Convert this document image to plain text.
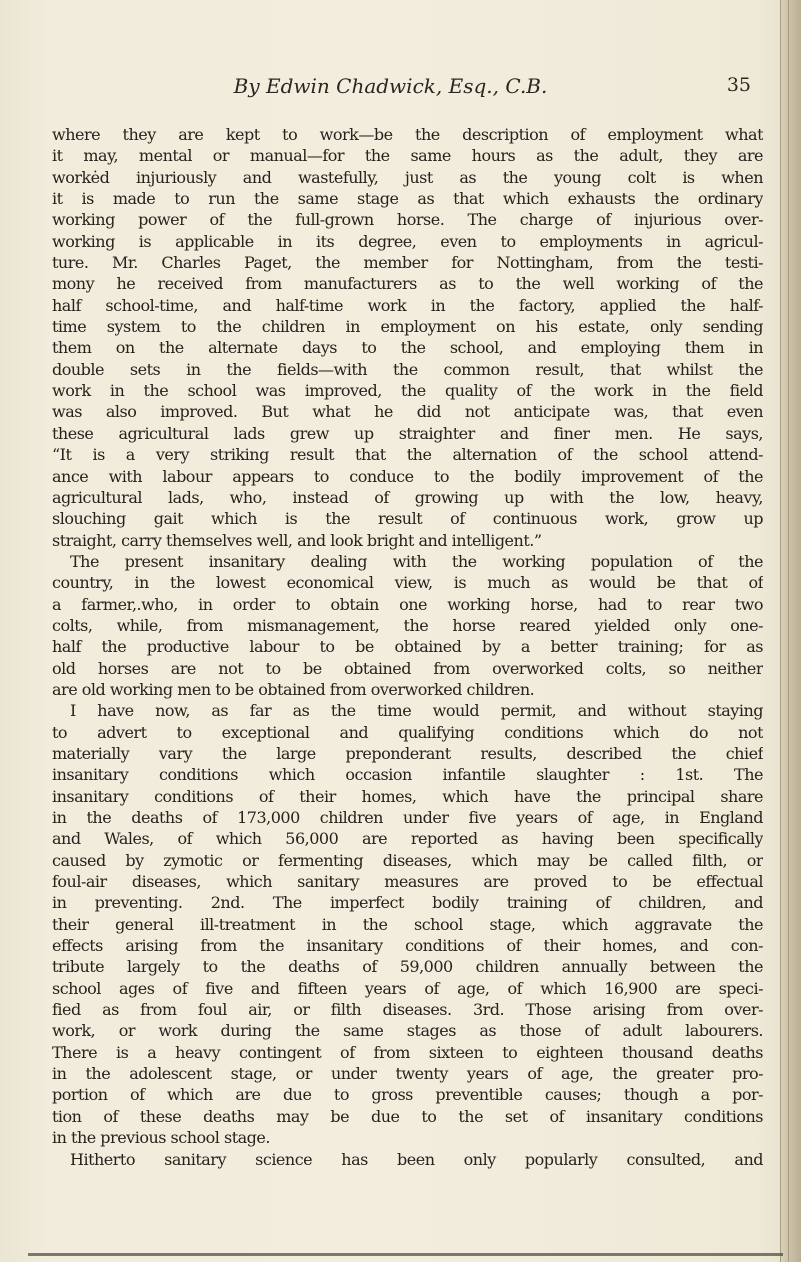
By Edwin Chadwick, Esq., C.B.	35
where they are kept to work—be the description of employment what
it may, mental or manual—for the same hours as the adult, they are
workėd injuriously and wastefully, just as the young colt is when
it is made to run the same stage as that which exhausts the ordinary
working power of the full-grown horse. The charge of injurious over-
working is applicable in its degree, even to employments in agricul-
ture. Mr. Charles Paget, the member for Nottingham, from the testi-
mony he received from manufacturers as to the well working of the
half school-time, and half-time work in the factory, applied the half-
time system to the children in employment on his estate, only sending
them on the alternate days to the school, and employing them in
double sets in the fields—with the common result, that whilst the
work in the school was improved, the quality of the work in the field
was also improved. But what he did not anticipate was, that even
these agricultural lads grew up straighter and finer men. He says,
“It is a very striking result that the alternation of the school attend-
ance with labour appears to conduce to the bodily improvement of the
agricultural lads, who, instead of growing up with the low, heavy,
slouching gait which is the result of continuous work, grow up
straight, carry themselves well, and look bright and intelligent.”
The present insanitary dealing with the working population of the
country, in the lowest economical view, is much as would be that of
a farmer,.who, in order to obtain one working horse, had to rear two
colts, while, from mismanagement, the horse reared yielded only one-
half the productive labour to be obtained by a better training; for as
old horses are not to be obtained from overworked colts, so neither
are old working men to be obtained from overworked children.
I have now, as far as the time would permit, and without staying
to advert to exceptional and qualifying conditions which do not
materially vary the large preponderant results, described the chief
insanitary conditions which occasion infantile slaughter : 1st. The
insanitary conditions of their homes, which have the principal share
in the deaths of 173,000 children under five years of age, in England
and Wales, of which 56,000 are reported as having been specifically
caused by zymotic or fermenting diseases, which may be called filth, or
foul-air diseases, which sanitary measures are proved to be effectual
in preventing. 2nd. The imperfect bodily training of children, and
their general ill-treatment in the school stage, which aggravate the
effects arising from the insanitary conditions of their homes, and con-
tribute largely to the deaths of 59,000 children annually between the
school ages of five and fifteen years of age, of which 16,900 are speci-
fied as from foul air, or filth diseases. 3rd. Those arising from over-
work, or work during the same stages as those of adult labourers.
There is a heavy contingent of from sixteen to eighteen thousand deaths
in the adolescent stage, or under twenty years of age, the greater pro-
portion of which are due to gross preventible causes; though a por-
tion of these deaths may be due to the set of insanitary conditions
in the previous school stage.
Hitherto sanitary science has been only popularly consulted, and
